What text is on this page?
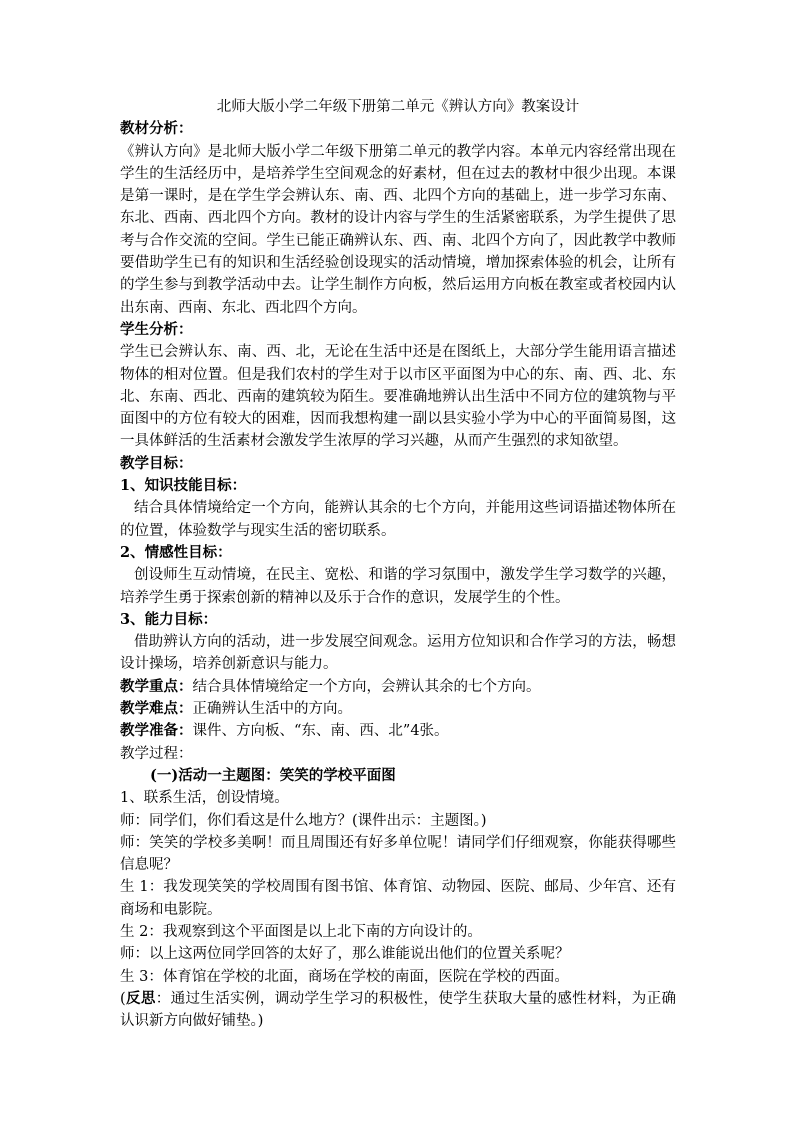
北师大版小学二年级下册第二单元《辨认方向》教案设计

教材分析：

《辨认方向》是北师大版小学二年级下册第二单元的教学内容。本单元内容经常出现在学生的生活经历中，是培养学生空间观念的好素材，但在过去的教材中很少出现。本课是第一课时，是在学生学会辨认东、南、西、北四个方向的基础上，进一步学习东南、东北、西南、西北四个方向。教材的设计内容与学生的生活紧密联系，为学生提供了思考与合作交流的空间。学生已能正确辨认东、西、南、北四个方向了，因此教学中教师要借助学生已有的知识和生活经验创设现实的活动情境，增加探索体验的机会，让所有的学生参与到教学活动中去。让学生制作方向板，然后运用方向板在教室或者校园内认出东南、西南、东北、西北四个方向。

学生分析：

学生已会辨认东、南、西、北，无论在生活中还是在图纸上，大部分学生能用语言描述物体的相对位置。但是我们农村的学生对于以市区平面图为中心的东、南、西、北、东北、东南、西北、西南的建筑较为陌生。要准确地辨认出生活中不同方位的建筑物与平面图中的方位有较大的困难，因而我想构建一副以县实验小学为中心的平面简易图，这一具体鲜活的生活素材会激发学生浓厚的学习兴趣，从而产生强烈的求知欲望。

教学目标：

1、知识技能目标：

结合具体情境给定一个方向，能辨认其余的七个方向，并能用这些词语描述物体所在的位置，体验数学与现实生活的密切联系。

2、情感性目标：

创设师生互动情境，在民主、宽松、和谐的学习氛围中，激发学生学习数学的兴趣，培养学生勇于探索创新的精神以及乐于合作的意识，发展学生的个性。

3、能力目标：

借助辨认方向的活动，进一步发展空间观念。运用方位知识和合作学习的方法，畅想设计操场，培养创新意识与能力。

教学重点：结合具体情境给定一个方向，会辨认其余的七个方向。

教学难点：正确辨认生活中的方向。

教学准备：课件、方向板、“东、南、西、北”4张。

教学过程：

(一)活动一主题图：笑笑的学校平面图

1、联系生活，创设情境。

师：同学们，你们看这是什么地方？(课件出示：主题图。)

师：笑笑的学校多美啊！而且周围还有好多单位呢！请同学们仔细观察，你能获得哪些信息呢？

生 1：我发现笑笑的学校周围有图书馆、体育馆、动物园、医院、邮局、少年宫、还有商场和电影院。

生 2：我观察到这个平面图是以上北下南的方向设计的。

师：以上这两位同学回答的太好了，那么谁能说出他们的位置关系呢？

生 3：体育馆在学校的北面，商场在学校的南面，医院在学校的西面。

(反思：通过生活实例，调动学生学习的积极性，使学生获取大量的感性材料，为正确认识新方向做好铺垫。)
